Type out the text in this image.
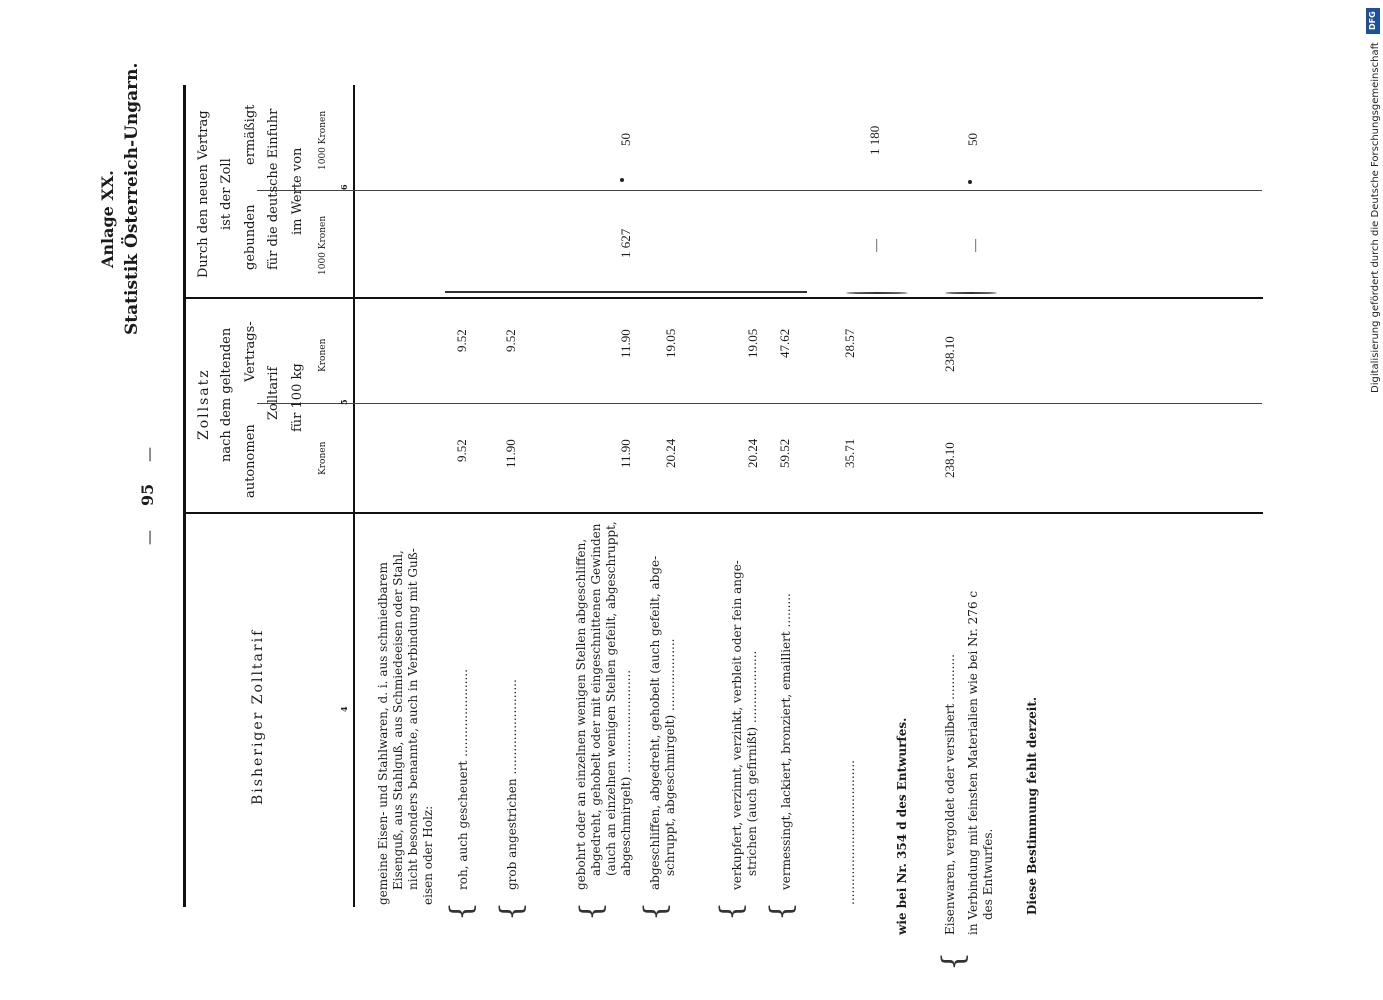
DFG
Digitalisierung gefördert durch die Deutsche Forschungsgemeinschaft
Anlage XX. Statistik Österreich-Ungarn.
—
95
—
Bisheriger Zolltarif	4
Zollsatz nach dem geltenden autonomen
Vertrags-
Zolltarif für 100 kg
Kronen
Kronen
5
Durch den neuen Vertrag ist der Zoll
gebunden
ermäßigt für die deutsche Einfuhr im Werte von
1000 Kronen
1000 Kronen
6
gemeine Eisen- und Stahlwaren, d. i. aus schmiedbarem Eisenguß, aus Stahlguß, aus Schmiedeeisen oder Stahl, nicht besonders benannte, auch in Verbindung mit Guß- eisen oder Holz:
{
roh, auch gescheuert .......................
9.52
9.52
{
grob angestrichen .........................
11.90
9.52
{
gebohrt oder an einzelnen wenigen Stellen abgeschliffen, abgedreht, gehobelt oder mit eingeschnittenen Gewinden (auch an einzelnen wenigen Stellen gefeilt, abgeschruppt, abgeschmirgelt) ...........................
11.90
11.90
1 627
50
{
abgeschliffen, abgedreht, gehobelt (auch gefeilt, abge- schruppt, abgeschmirgelt) ...................
20.24
19.05
{
verkupfert, verzinnt, verzinkt, verbleit oder fein ange- strichen (auch gefirnißt) ...................
20.24
19.05
{
vermessingt, lackiert, bronziert, emailliert .........
59.52
47.62
......................................
35.71
28.57
1 180
—
wie bei Nr. 354 d des Entwurfes.
{
Eisenwaren, vergoldet oder versilbert ............
238.10
238.10
—
50
in Verbindung mit feinsten Materialien wie bei Nr. 276 c des Entwurfes.	Diese Bestimmung fehlt derzeit.
